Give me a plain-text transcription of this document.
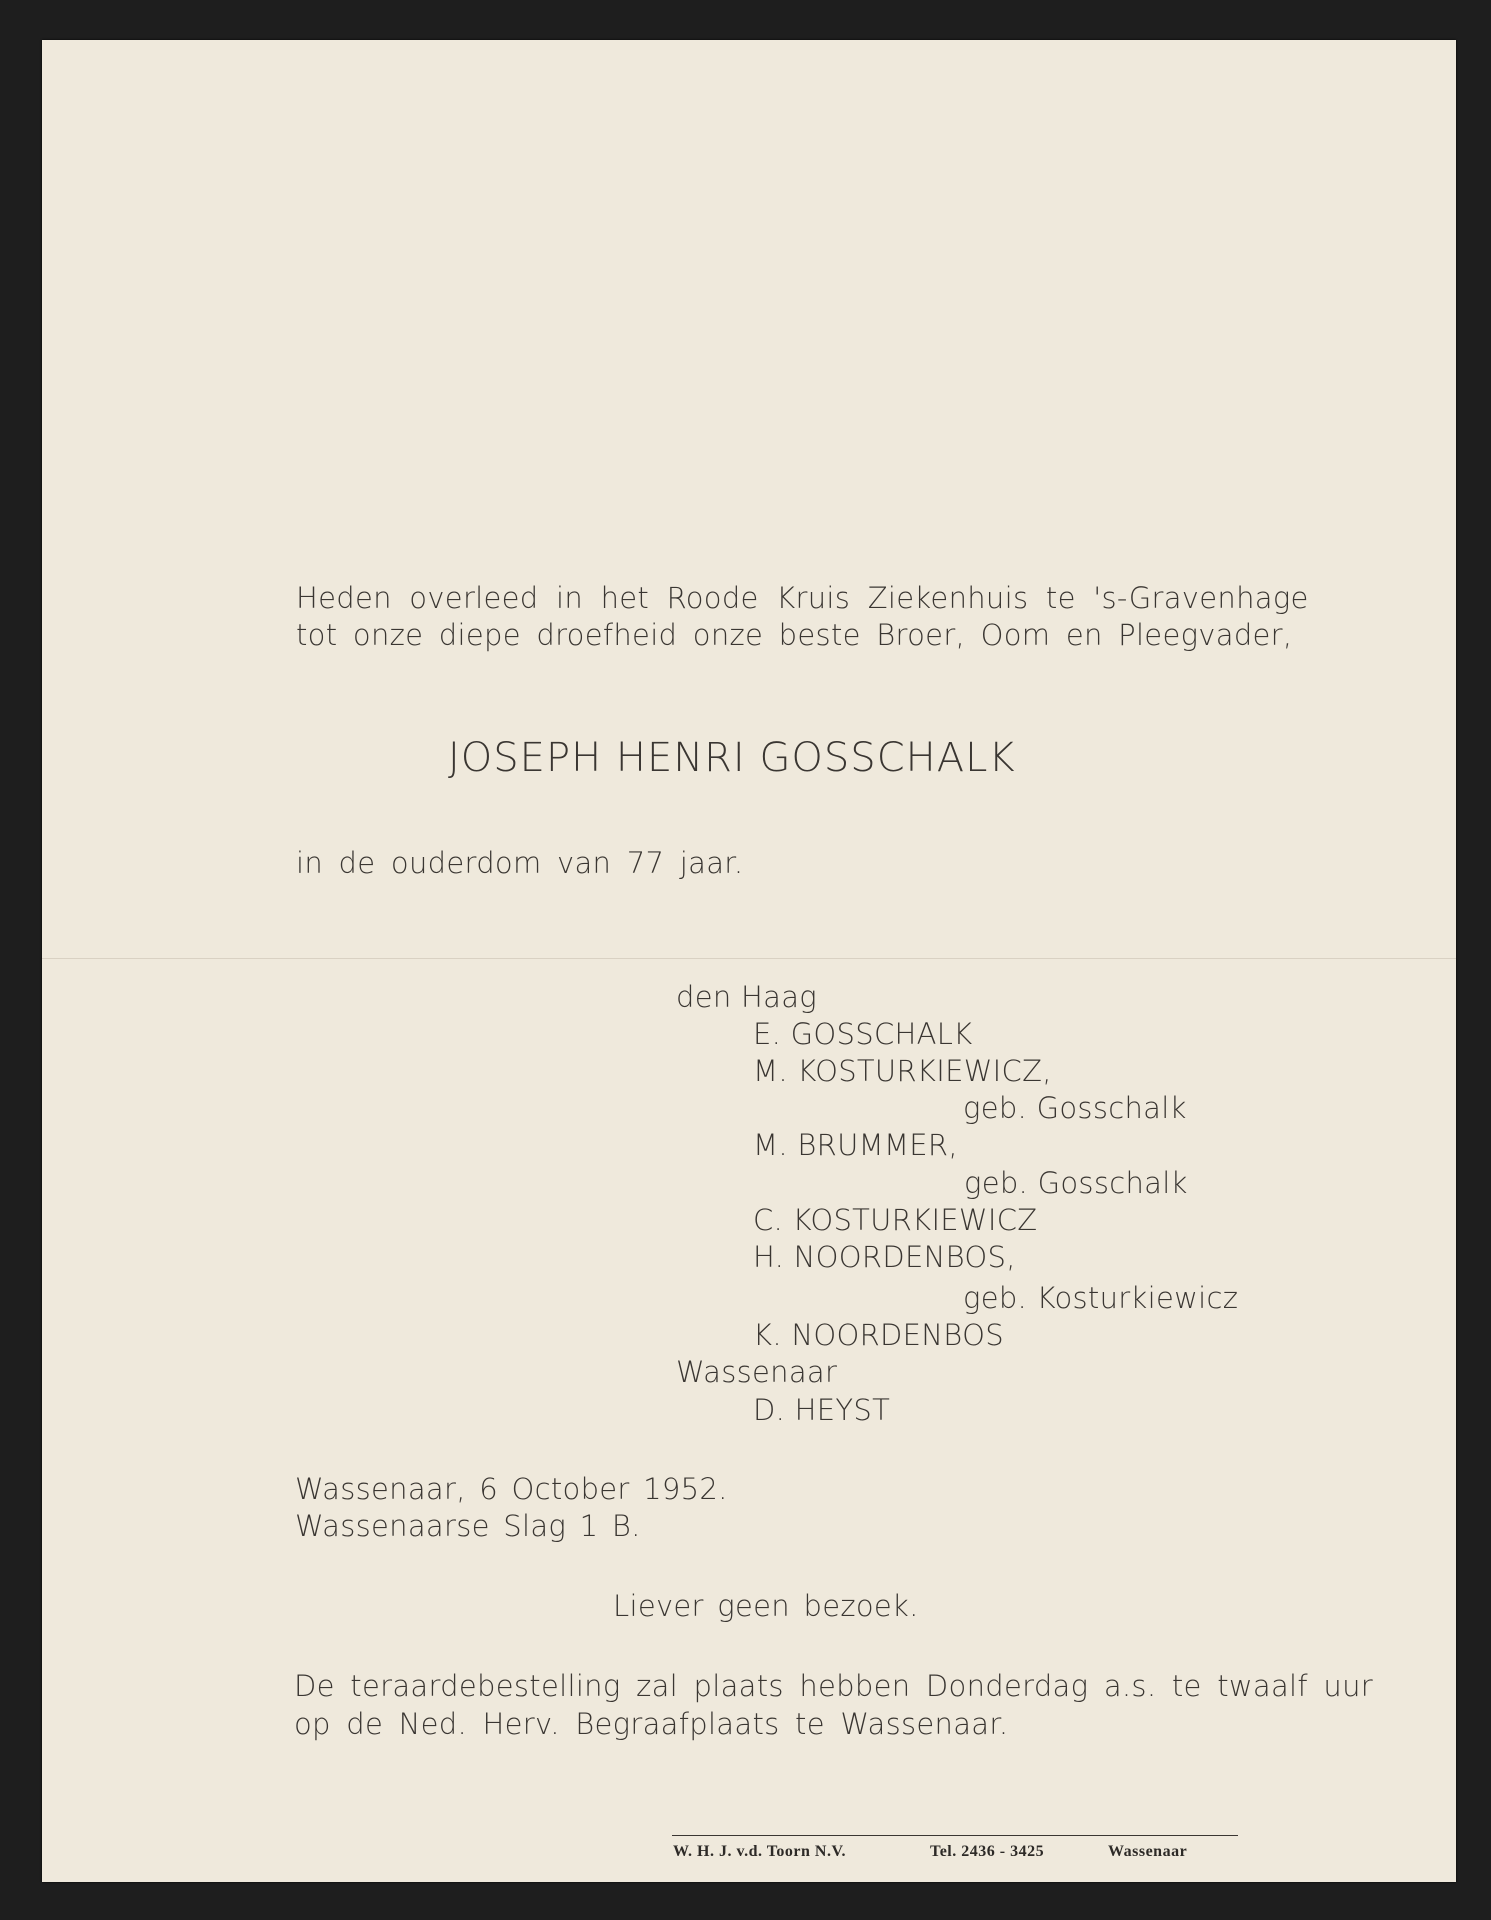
Heden overleed in het Roode Kruis Ziekenhuis te 's-Gravenhage
tot onze diepe droefheid onze beste Broer, Oom en Pleegvader,
JOSEPH HENRI GOSSCHALK
in de ouderdom van 77 jaar.
den Haag
E. GOSSCHALK
M. KOSTURKIEWICZ,
geb. Gosschalk
M. BRUMMER,
geb. Gosschalk
C. KOSTURKIEWICZ
H. NOORDENBOS,
geb. Kosturkiewicz
K. NOORDENBOS
Wassenaar
D. HEYST
Wassenaar, 6 October 1952.
Wassenaarse Slag 1 B.
Liever geen bezoek.
De teraardebestelling zal plaats hebben Donderdag a.s. te twaalf uur
op de Ned. Herv. Begraafplaats te Wassenaar.
W. H. J. v.d. Toorn N.V.	Tel. 2436 - 3425	Wassenaar
